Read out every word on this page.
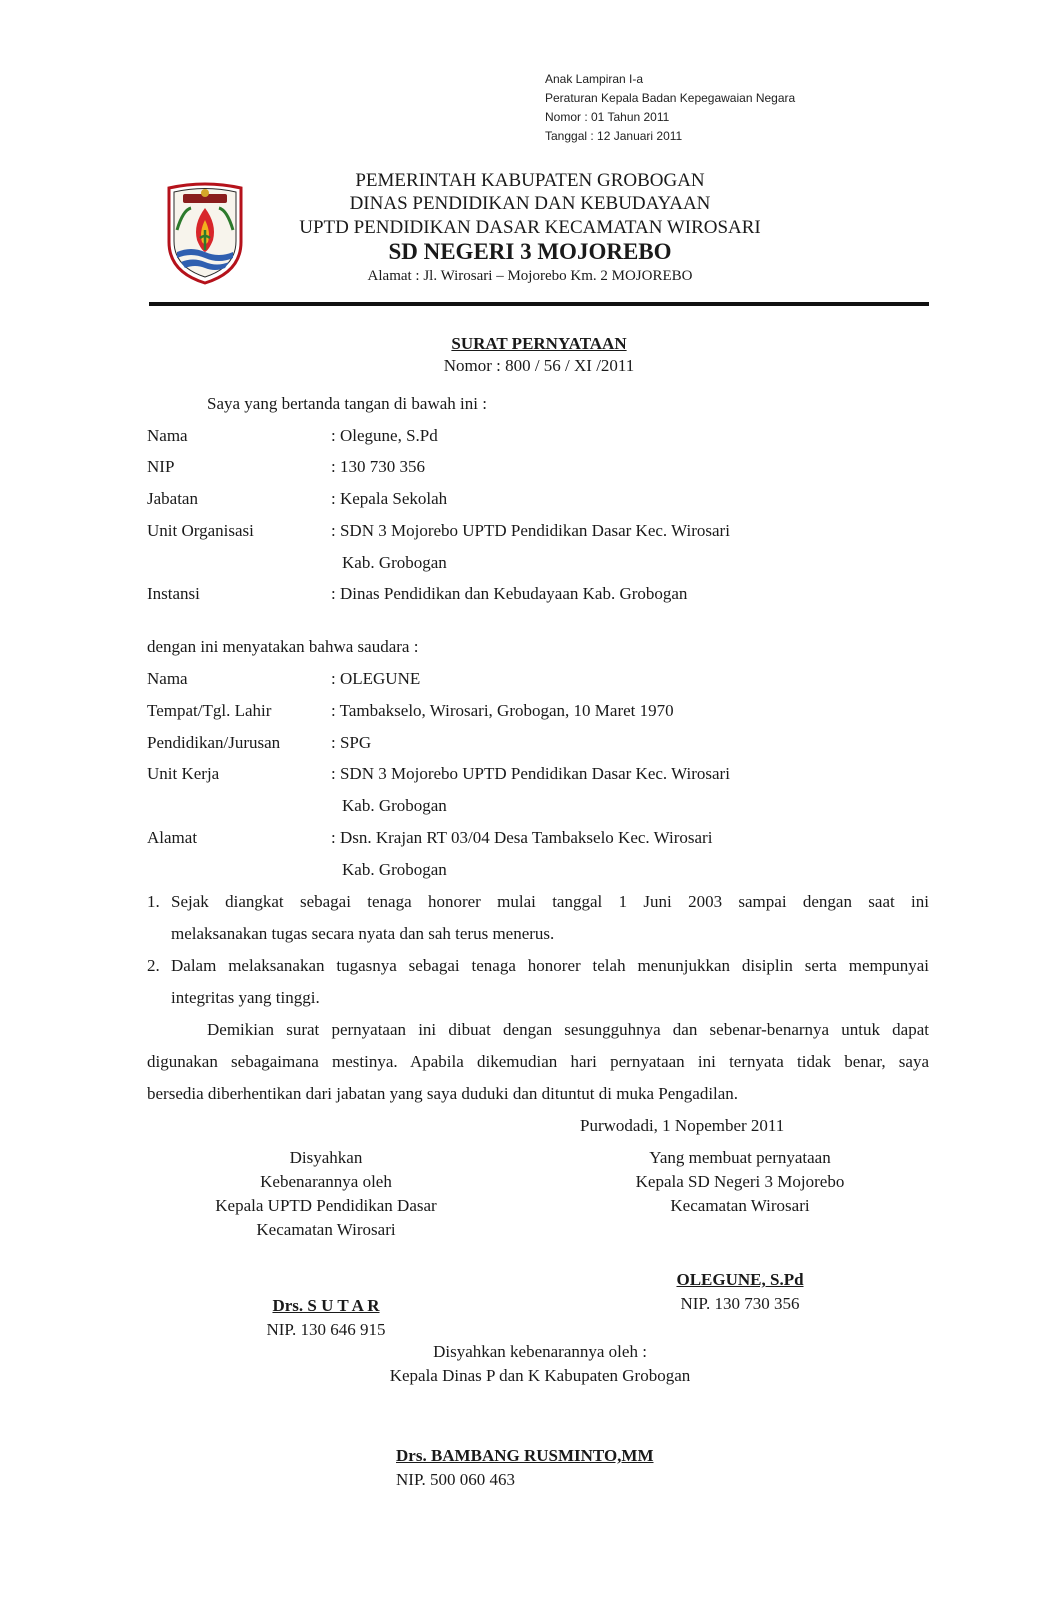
Anak Lampiran I-a
Peraturan Kepala Badan Kepegawaian Negara
Nomor : 01 Tahun 2011
Tanggal : 12 Januari 2011
PEMERINTAH KABUPATEN GROBOGAN
DINAS PENDIDIKAN DAN KEBUDAYAAN
UPTD PENDIDIKAN DASAR KECAMATAN WIROSARI
SD NEGERI 3 MOJOREBO
Alamat : Jl. Wirosari – Mojorebo Km. 2 MOJOREBO
SURAT PERNYATAAN
Nomor : 800 / 56 / XI /2011
Saya yang bertanda tangan di bawah ini :
Nama	: Olegune, S.Pd
NIP	: 130 730 356
Jabatan	: Kepala Sekolah
Unit Organisasi	: SDN 3 Mojorebo UPTD Pendidikan Dasar Kec. Wirosari
Kab. Grobogan
Instansi	: Dinas Pendidikan dan Kebudayaan Kab. Grobogan
dengan ini menyatakan bahwa saudara :
Nama	: OLEGUNE
Tempat/Tgl. Lahir	: Tambakselo, Wirosari, Grobogan, 10 Maret 1970
Pendidikan/Jurusan	: SPG
Unit Kerja	: SDN 3 Mojorebo UPTD Pendidikan Dasar Kec. Wirosari
Kab. Grobogan
Alamat	: Dsn. Krajan RT 03/04 Desa Tambakselo Kec. Wirosari
Kab. Grobogan
1. Sejak diangkat sebagai tenaga honorer mulai tanggal 1 Juni 2003 sampai dengan saat ini
melaksanakan tugas secara nyata dan sah terus menerus.
2. Dalam melaksanakan tugasnya sebagai tenaga honorer telah menunjukkan disiplin serta mempunyai
integritas yang tinggi.
Demikian surat pernyataan ini dibuat dengan sesungguhnya dan sebenar-benarnya untuk dapat
digunakan sebagaimana mestinya. Apabila dikemudian hari pernyataan ini ternyata tidak benar, saya
bersedia diberhentikan dari jabatan yang saya duduki dan dituntut di muka Pengadilan.
Purwodadi, 1 Nopember 2011
Disyahkan
Kebenarannya oleh
Kepala UPTD Pendidikan Dasar
Kecamatan Wirosari
Drs. S U T A R
NIP. 130 646 915
Yang membuat pernyataan
Kepala SD Negeri 3 Mojorebo
Kecamatan Wirosari
OLEGUNE, S.Pd
NIP. 130 730 356
Disyahkan kebenarannya oleh :
Kepala Dinas P dan K Kabupaten Grobogan
Drs. BAMBANG RUSMINTO,MM
NIP. 500 060 463
